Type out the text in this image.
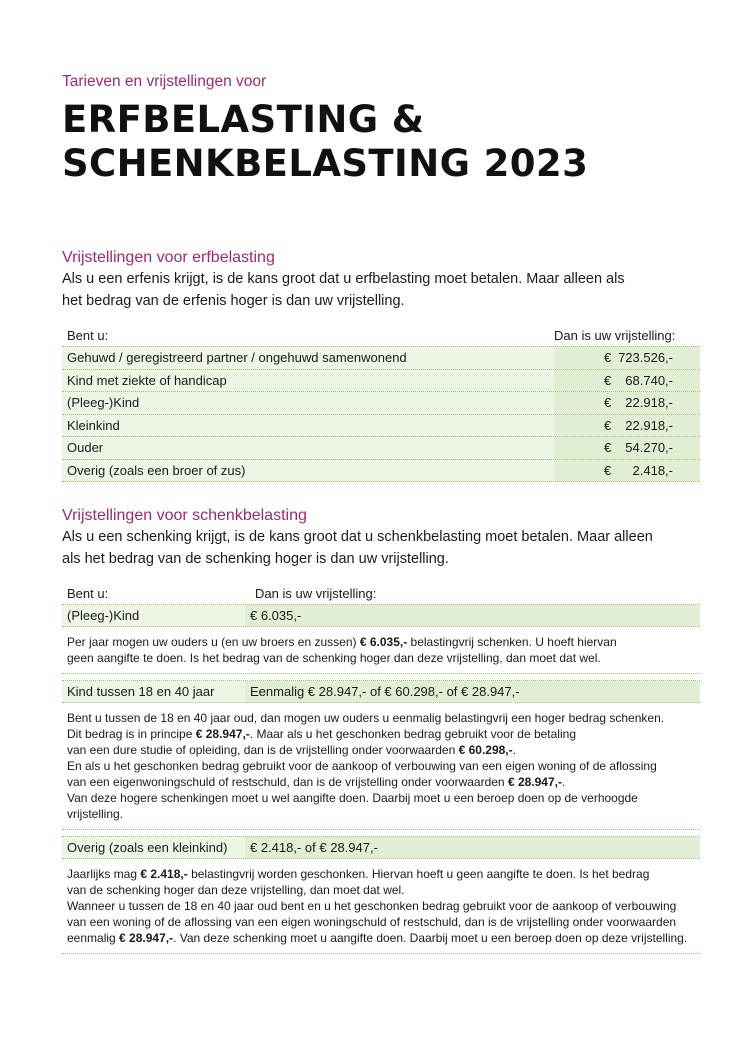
Tarieven en vrijstellingen voor
ERFBELASTING &
SCHENKBELASTING 2023
Vrijstellingen voor erfbelasting
Als u een erfenis krijgt, is de kans groot dat u erfbelasting moet betalen. Maar alleen als
het bedrag van de erfenis hoger is dan uw vrijstelling.
Bent u:	Dan is uw vrijstelling:
Gehuwd / geregistreerd partner / ongehuwd samenwonend	€ 723.526,-
Kind met ziekte of handicap	€ 68.740,-
(Pleeg-)Kind	€ 22.918,-
Kleinkind	€ 22.918,-
Ouder	€ 54.270,-
Overig (zoals een broer of zus)	€ 2.418,-
Vrijstellingen voor schenkbelasting
Als u een schenking krijgt, is de kans groot dat u schenkbelasting moet betalen. Maar alleen
als het bedrag van de schenking hoger is dan uw vrijstelling.
Bent u:	Dan is uw vrijstelling:
(Pleeg-)Kind	€ 6.035,-
Per jaar mogen uw ouders u (en uw broers en zussen) € 6.035,- belastingvrij schenken. U hoeft hiervan
geen aangifte te doen. Is het bedrag van de schenking hoger dan deze vrijstelling, dan moet dat wel.
Kind tussen 18 en 40 jaar	Eenmalig € 28.947,- of € 60.298,- of € 28.947,-
Bent u tussen de 18 en 40 jaar oud, dan mogen uw ouders u eenmalig belastingvrij een hoger bedrag schenken.
Dit bedrag is in principe € 28.947,-. Maar als u het geschonken bedrag gebruikt voor de betaling
van een dure studie of opleiding, dan is de vrijstelling onder voorwaarden € 60.298,-.
En als u het geschonken bedrag gebruikt voor de aankoop of verbouwing van een eigen woning of de aflossing
van een eigenwoningschuld of restschuld, dan is de vrijstelling onder voorwaarden € 28.947,-.
Van deze hogere schenkingen moet u wel aangifte doen. Daarbij moet u een beroep doen op de verhoogde vrijstelling.
Overig (zoals een kleinkind)	€ 2.418,- of € 28.947,-
Jaarlijks mag € 2.418,- belastingvrij worden geschonken. Hiervan hoeft u geen aangifte te doen. Is het bedrag
van de schenking hoger dan deze vrijstelling, dan moet dat wel.
Wanneer u tussen de 18 en 40 jaar oud bent en u het geschonken bedrag gebruikt voor de aankoop of verbouwing
van een woning of de aflossing van een eigen woningschuld of restschuld, dan is de vrijstelling onder voorwaarden
eenmalig € 28.947,-. Van deze schenking moet u aangifte doen. Daarbij moet u een beroep doen op deze vrijstelling.
